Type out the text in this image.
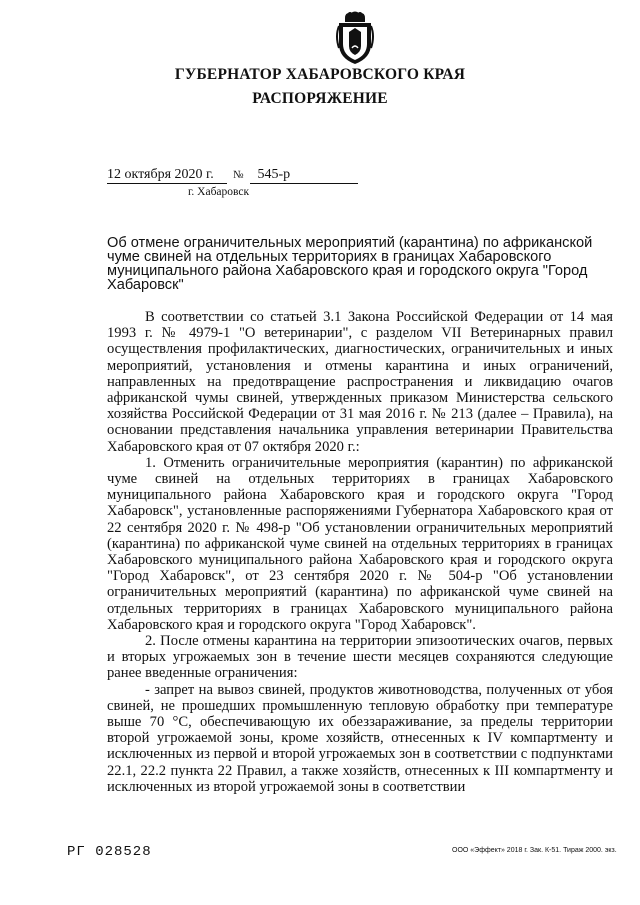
ГУБЕРНАТОР ХАБАРОВСКОГО КРАЯ
РАСПОРЯЖЕНИЕ
12 октября 2020 г. № 545-р
г. Хабаровск
Об отмене ограничительных мероприятий (карантина) по африканской чуме свиней на отдельных территориях в границах Хабаровского муниципального района Хабаровского края и городского округа "Город Хабаровск"

В соответствии со статьей 3.1 Закона Российской Федерации от 14 мая 1993 г. № 4979-1 "О ветеринарии", с разделом VII Ветеринарных правил осуществления профилактических, диагностических, ограничительных и иных мероприятий, установления и отмены карантина и иных ограничений, направленных на предотвращение распространения и ликвидацию очагов африканской чумы свиней, утвержденных приказом Министерства сельского хозяйства Российской Федерации от 31 мая 2016 г. № 213 (далее – Правила), на основании представления начальника управления ветеринарии Правительства Хабаровского края от 07 октября 2020 г.:

1. Отменить ограничительные мероприятия (карантин) по африканской чуме свиней на отдельных территориях в границах Хабаровского муниципального района Хабаровского края и городского округа "Город Хабаровск", установленные распоряжениями Губернатора Хабаровского края от 22 сентября 2020 г. № 498-р "Об установлении ограничительных мероприятий (карантина) по африканской чуме свиней на отдельных территориях в границах Хабаровского муниципального района Хабаровского края и городского округа "Город Хабаровск", от 23 сентября 2020 г. № 504-р "Об установлении ограничительных мероприятий (карантина) по африканской чуме свиней на отдельных территориях в границах Хабаровского муниципального района Хабаровского края и городского округа "Город Хабаровск".

2. После отмены карантина на территории эпизоотических очагов, первых и вторых угрожаемых зон в течение шести месяцев сохраняются следующие ранее введенные ограничения:

- запрет на вывоз свиней, продуктов животноводства, полученных от убоя свиней, не прошедших промышленную тепловую обработку при температуре выше 70 °С, обеспечивающую их обеззараживание, за пределы территории второй угрожаемой зоны, кроме хозяйств, отнесенных к IV компартменту и исключенных из первой и второй угрожаемых зон в соответствии с подпунктами 22.1, 22.2 пункта 22 Правил, а также хозяйств, отнесенных к III компартменту и исключенных из второй угрожаемой зоны в соответствии

РГ 028528	ООО «Эффект» 2018 г. Зак. К-51. Тираж 2000. экз.
